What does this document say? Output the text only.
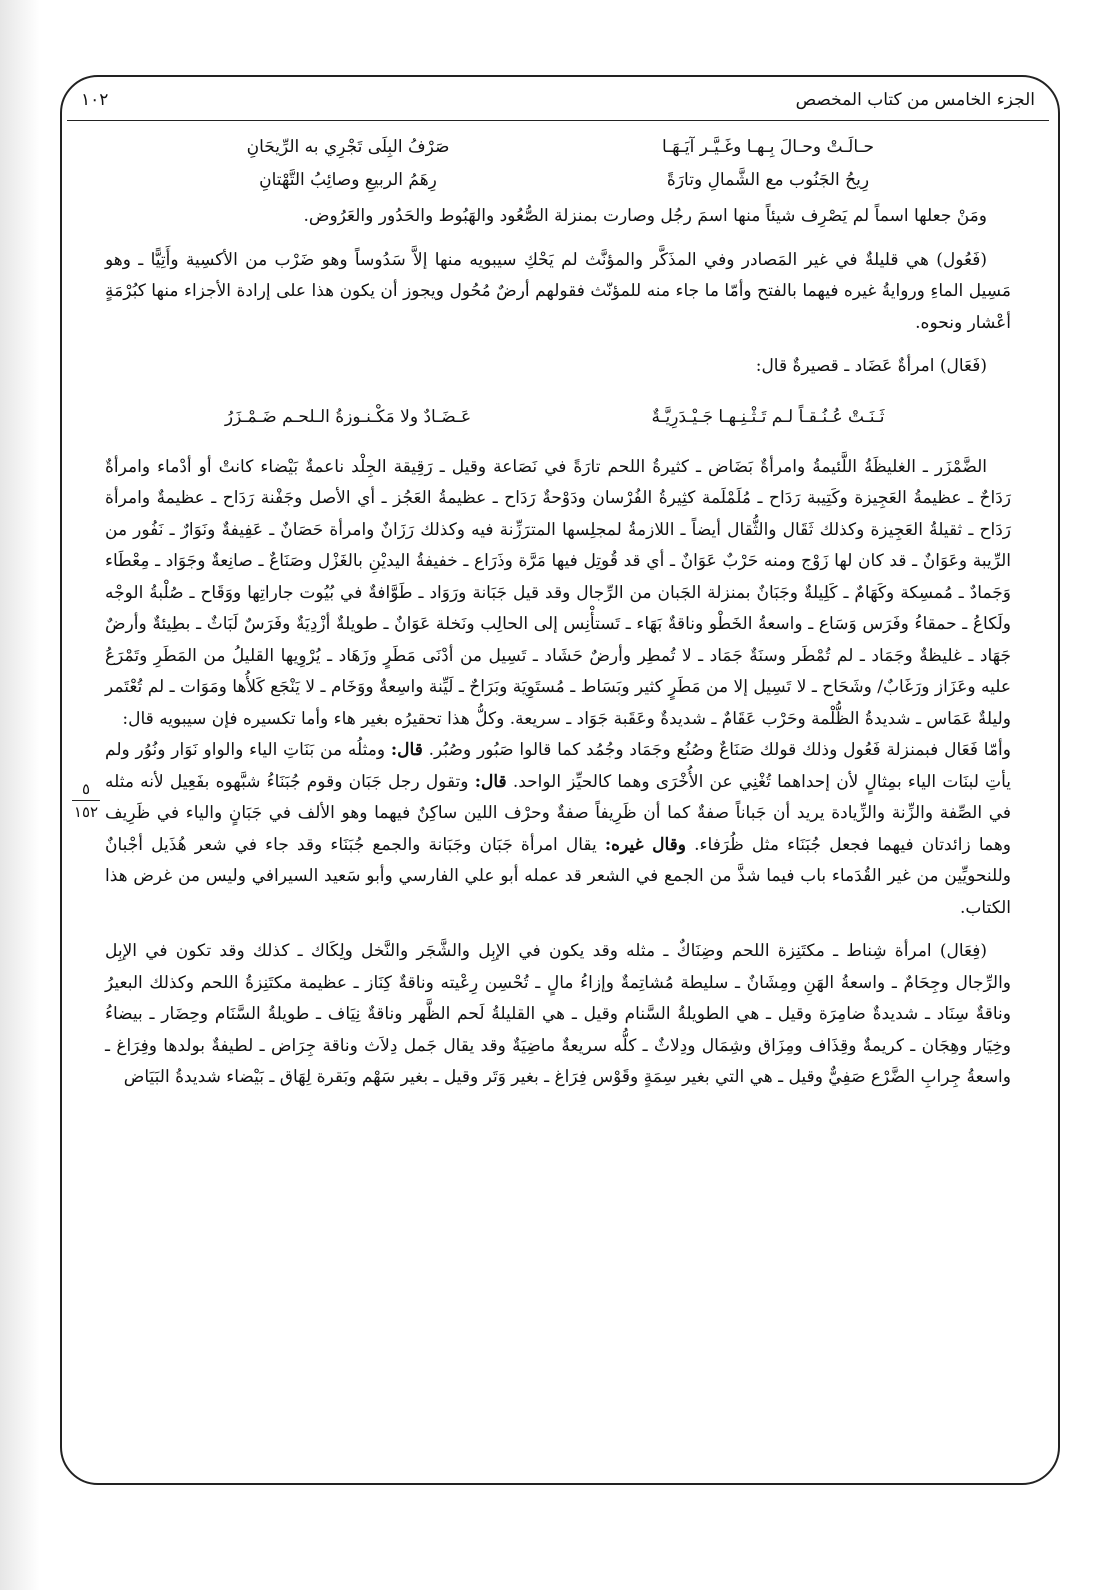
الجزء الخامس من كتاب المخصص
١٠٢
حـالَـتْ وحـالَ بِـهـا وغَـيَّـر آيَـهَـا
صَرْفُ البِلَى تَجْرِي به الرِّيحَانِ
رِيحُ الجَنُوب مع الشَّمالِ وتارَةً
رِهَمُ الربيعِ وصائِبُ التَّهْتانِ

ومَنْ جعلها اسماً لم يَصْرِف شيئاً منها اسمَ رجُل وصارت بمنزلة الصُّعُود والهَبُوط والحَدُور والعَرُوض.

(فَعُول) هي قليلةٌ في غير المَصادر وفي المذَكَّر والمؤنَّث لم يَحْكِ سيبويه منها إلاَّ سَدُوساً وهو ضَرْب من الأكسِية وأَتِيًّا ـ وهو مَسِيل الماءِ وروايةُ غيره فيهما بالفتح وأمّا ما جاء منه للمؤنّث فقولهم أرضٌ مُحُول ويجوز أن يكون هذا على إرادة الأجزاء منها كبُرْمَةٍ أعْشار ونحوه.

(فَعَال) امرأةٌ عَضَاد ـ قصيرةٌ قال:

ثَـنَـتْ عُـنُـقـاً لـم تَـثْـنِـهـا جَـيْـدَرِيَّـةٌ
عَـضَـادٌ ولا مَكْـنـوزةُ الـلحـم ضَـمْـزَرُ

الضَّمْزَر ـ الغليظَةُ اللَّئيمةُ وامرأةٌ بَضَاض ـ كثيرةُ اللحم تارَةً في نَصَاعة وقيل ـ رَقِيقة الجِلْد ناعمةٌ بَيْضاء كانتْ أو أدْماء وامرأةٌ رَدَاحٌ ـ عظيمةُ العَجِيزة وكَتِيبة رَدَاح ـ مُلَمْلَمة كثِيرةُ الفُرْسان ودَوْحةٌ رَدَاح ـ عظيمةُ العَجُز ـ أي الأصل وجَفْنة رَدَاح ـ عظيمةٌ وامرأة رَدَاح ـ ثقيلةُ العَجِيزة وكذلك ثَقَال والثُّقال أيضاً ـ اللازمةُ لمجلِسها المترَزِّنة فيه وكذلك رَزَانٌ وامرأة حَصَانٌ ـ عَفِيفةٌ ونَوَارٌ ـ نَفُور من الرِّيبة وعَوَانٌ ـ قد كان لها زَوْج ومنه حَرْبٌ عَوَانٌ ـ أي قد قُوتِل فيها مَرَّة وذَرَاع ـ خفيفةُ اليديْنِ بالغَزْل وصَنَاعٌ ـ صانِعةٌ وجَوَاد ـ مِعْطَاء وَجَمادٌ ـ مُمسِكة وكَهَامٌ ـ كَلِيلةٌ وجَبَانٌ بمنزلة الجَبان من الرِّجال وقد قيل جَبَانة ورَوَاد ـ طَوَّافةٌ في بُيُوت جاراتِها ووَقَاح ـ صُلْبةُ الوجْه ولَكاعُ ـ حمقاءُ وفَرَس وَسَاع ـ واسعةُ الخَطْو وناقةٌ بَهَاء ـ تَستأْنِس إلى الحالِب ونَخلة عَوَانٌ ـ طويلةٌ أزْدِيَةٌ وفَرَسٌ لَبَاثٌ ـ بطِيئةٌ وأرضٌ جَهَاد ـ غليظةٌ وجَمَاد ـ لم تُمْطَر وسنَةٌ جَمَاد ـ لا تُمطِر وأرضٌ حَشَاد ـ تَسِيل من أدْنَى مَطَرٍ وزَهَاد ـ يُرْوِيها القليلُ من المَطَرِ وتَمْرَعُ عليه وعَزَاز ورَغَابٌ/ وشَحَاح ـ لا تَسِيل إلا من مَطَرٍ كثير وبَسَاط ـ مُستَوِيَة وبَرَاحٌ ـ لَيِّنة واسِعةٌ ووَخَام ـ لا يَنْجَع كَلأُها ومَوَات ـ لم تُعْتَمر وليلةٌ عَمَاس ـ شديدةُ الظُّلْمة وحَرْب عَقَامٌ ـ شديدةٌ وعَقَبة جَوَاد ـ سريعة. وكلُّ هذا تحقيرُه بغير هاء وأما تكسيره فإن سيبويه قال:

وأمّا فَعَال فبمنزلة فَعُول وذلك قولك صَنَاعٌ وصُنُع وجَمَاد وجُمُد كما قالوا صَبُور وصُبُر. قال: ومثلُه من بَنَاتِ الياء والواو نَوَار ونُوُر ولم يأتِ لبنَات الياء بمِثالٍ لأن إحداهما تُغْنِي عن الأُخْرَى وهما كالحيِّز الواحد. قال: وتقول رجل جَبَان وقوم جُبَنَاءُ شبَّهوه بفَعِيل لأنه مثله في الصِّفة والزِّنة والزِّيادة يريد أن جَباناً صفةٌ كما أن ظَرِيفاً صفةٌ وحرْف اللين ساكِنٌ فيهما وهو الألف في جَبَانٍ والياء في ظَرِيف وهما زائدتان فيهما فجعل جُبَنَاء مثل ظُرَفاء. وقال غيره: يقال امرأة جَبَان وجَبَانة والجمع جُبَنَاء وقد جاء في شعر هُذَيل أجْبانٌ وللنحويِّين من غير القُدَماء باب فيما شذَّ من الجمع في الشعر قد عمله أبو علي الفارسي وأبو سَعيد السيرافي وليس من غرض هذا الكتاب.

(فِعَال) امرأة شِناط ـ مكتَنِزة اللحم وضِنَاكٌ ـ مثله وقد يكون في الإبِل والشَّجَر والنَّخل ولِكَاك ـ كذلك وقد تكون في الإبِل والرِّجال وجِحَامٌ ـ واسعةُ الهَنِ ومِشَانٌ ـ سليطة مُشاتِمةٌ وإزاءُ مالٍ ـ تُحْسِن رِعْيته وناقةٌ كِنَاز ـ عظيمة مكتَنِزةُ اللحم وكذلك البعيرُ وناقةٌ سِنَاد ـ شديدةٌ ضامِرَة وقيل ـ هي الطويلةُ السَّنام وقيل ـ هي القليلةُ لَحم الظَّهر وناقةٌ نِيَاف ـ طويلةُ السَّنَام وحِضَار ـ بيضاءُ وخِيَار وهِجَان ـ كريمةٌ وقِذَاف ومِزَاق وشِمَال ودِلاثٌ ـ كلُّه سريعةٌ ماضِيَةٌ وقد يقال جَمل دِلاَث وناقة جِرَاض ـ لطيفةٌ بولدها وفِرَاغ ـ واسعةُ جِرابِ الضَّرْع صَفِيٌّ وقيل ـ هي التي بغير سِمَةٍ وقَوْس فِرَاغ ـ بغير وَتَر وقيل ـ بغير سَهْم وبَقرة لِهَاق ـ بَيْضاء شديدةُ البَيَاض

٥
١٥٢
